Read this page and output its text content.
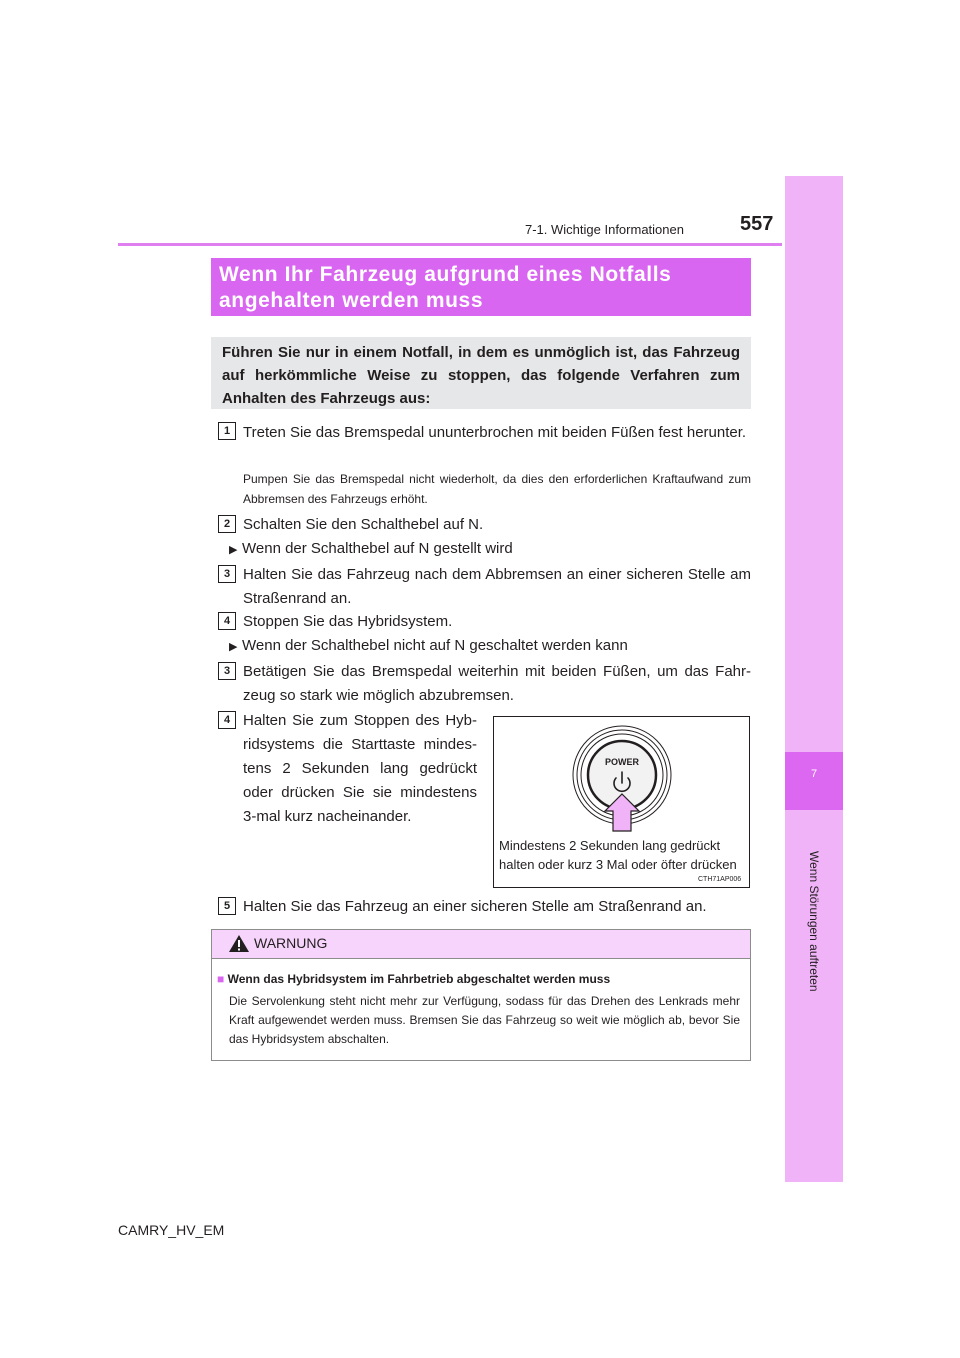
7-1. Wichtige Informationen	557
7
Wenn Störungen auftreten
Wenn Ihr Fahrzeug aufgrund eines Notfalls
angehalten werden muss
Führen Sie nur in einem Notfall, in dem es unmöglich ist, das Fahrzeug auf herkömmliche Weise zu stoppen, das folgende Verfahren zum Anhalten des Fahrzeugs aus:
1 Treten Sie das Bremspedal ununterbrochen mit beiden Füßen fest herunter.
Pumpen Sie das Bremspedal nicht wiederholt, da dies den erforderlichen Kraftaufwand zum Abbremsen des Fahrzeugs erhöht.
2 Schalten Sie den Schalthebel auf N.
▶ Wenn der Schalthebel auf N gestellt wird
3 Halten Sie das Fahrzeug nach dem Abbremsen an einer sicheren Stelle am Straßenrand an.
4 Stoppen Sie das Hybridsystem.
▶ Wenn der Schalthebel nicht auf N geschaltet werden kann
3 Betätigen Sie das Bremspedal weiterhin mit beiden Füßen, um das Fahrzeug so stark wie möglich abzubremsen.
4 Halten Sie zum Stoppen des Hybridsystems die Starttaste mindestens 2 Sekunden lang gedrückt oder drücken Sie sie mindestens 3-mal kurz nacheinander.
POWER
Mindestens 2 Sekunden lang gedrückt
halten oder kurz 3 Mal oder öfter drücken
CTH71AP006
5 Halten Sie das Fahrzeug an einer sicheren Stelle am Straßenrand an.
WARNUNG
■ Wenn das Hybridsystem im Fahrbetrieb abgeschaltet werden muss
Die Servolenkung steht nicht mehr zur Verfügung, sodass für das Drehen des Lenkrads mehr Kraft aufgewendet werden muss. Bremsen Sie das Fahrzeug so weit wie möglich ab, bevor Sie das Hybridsystem abschalten.
CAMRY_HV_EM
